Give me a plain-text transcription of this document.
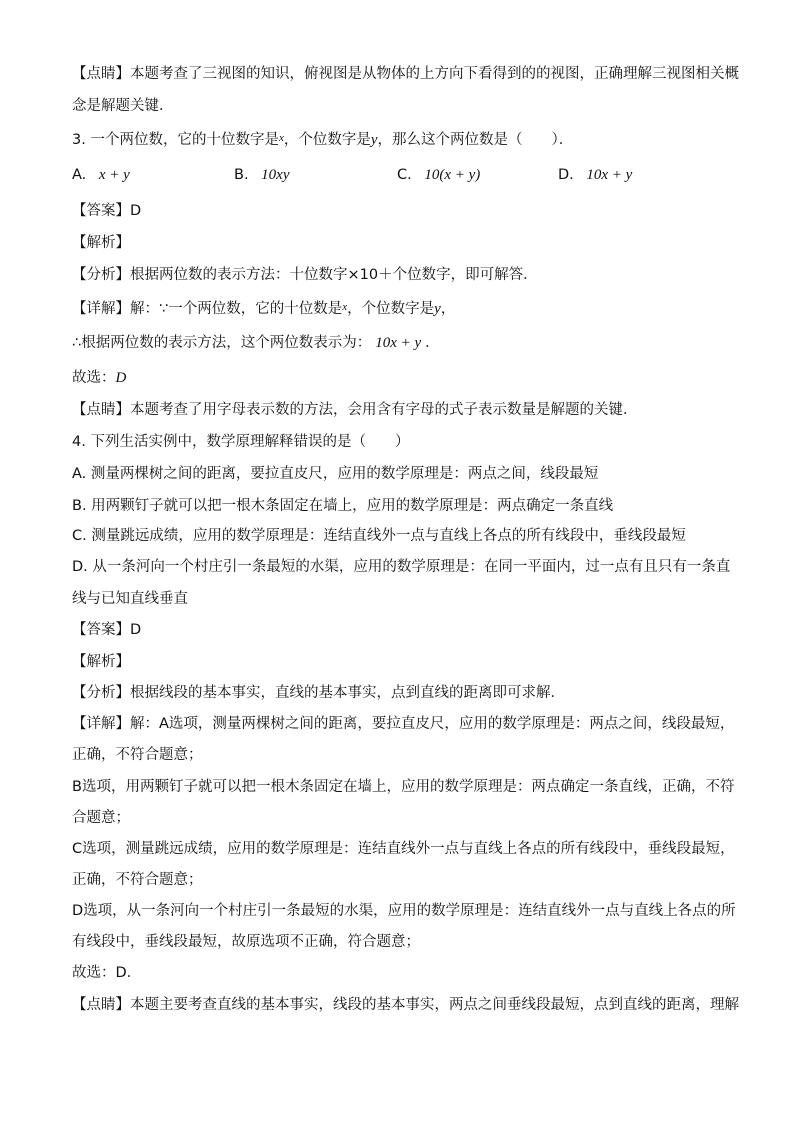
【点睛】本题考查了三视图的知识，俯视图是从物体的上方向下看得到的的视图，正确理解三视图相关概
念是解题关键．
3. 一个两位数，它的十位数字是$^x$，个位数字是y，那么这个两位数是（　　）．
A. x + y	B. 10xy	C. 10(x + y)	D. 10x + y
【答案】D
【解析】
【分析】根据两位数的表示方法：十位数字×10＋个位数字，即可解答．
【详解】解：∵一个两位数，它的十位数是$^x$，个位数字是y，
∴根据两位数的表示方法，这个两位数表示为： 10x + y ．
故选：D
【点睛】本题考查了用字母表示数的方法，会用含有字母的式子表示数量是解题的关键．
4. 下列生活实例中，数学原理解释错误的是（　　）
A. 测量两棵树之间的距离，要拉直皮尺，应用的数学原理是：两点之间，线段最短
B. 用两颗钉子就可以把一根木条固定在墙上，应用的数学原理是：两点确定一条直线
C. 测量跳远成绩，应用的数学原理是：连结直线外一点与直线上各点的所有线段中，垂线段最短
D. 从一条河向一个村庄引一条最短的水渠，应用的数学原理是：在同一平面内，过一点有且只有一条直
线与已知直线垂直
【答案】D
【解析】
【分析】根据线段的基本事实，直线的基本事实，点到直线的距离即可求解．
【详解】解：A选项，测量两棵树之间的距离，要拉直皮尺，应用的数学原理是：两点之间，线段最短，
正确，不符合题意；
B选项，用两颗钉子就可以把一根木条固定在墙上，应用的数学原理是：两点确定一条直线，正确，不符
合题意；
C选项，测量跳远成绩，应用的数学原理是：连结直线外一点与直线上各点的所有线段中，垂线段最短，
正确，不符合题意；
D选项，从一条河向一个村庄引一条最短的水渠，应用的数学原理是：连结直线外一点与直线上各点的所
有线段中，垂线段最短，故原选项不正确，符合题意；
故选：D．
【点睛】本题主要考查直线的基本事实，线段的基本事实，两点之间垂线段最短，点到直线的距离，理解
